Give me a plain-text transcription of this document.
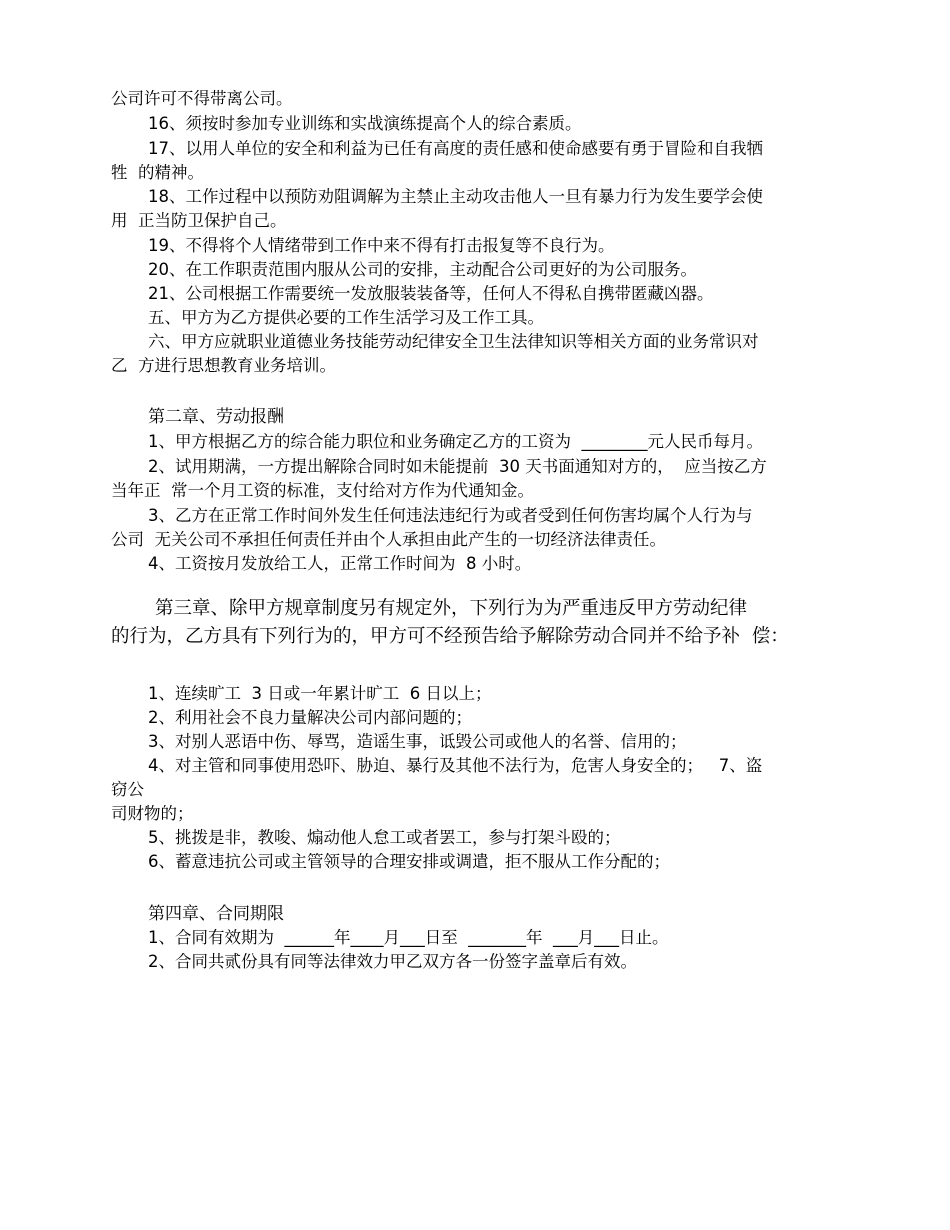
公司许可不得带离公司。

16、须按时参加专业训练和实战演练提高个人的综合素质。

17、以用人单位的安全和利益为已任有高度的责任感和使命感要有勇于冒险和自我牺

牲  的精神。

18、工作过程中以预防劝阻调解为主禁止主动攻击他人一旦有暴力行为发生要学会使

用  正当防卫保护自己。

19、不得将个人情绪带到工作中来不得有打击报复等不良行为。

20、在工作职责范围内服从公司的安排，主动配合公司更好的为公司服务。

21、公司根据工作需要统一发放服装装备等，任何人不得私自携带匿藏凶器。

五、甲方为乙方提供必要的工作生活学习及工作工具。

六、甲方应就职业道德业务技能劳动纪律安全卫生法律知识等相关方面的业务常识对

乙  方进行思想教育业务培训。

第二章、劳动报酬

1、甲方根据乙方的综合能力职位和业务确定乙方的工资为  ________元人民币每月。

2、试用期满，一方提出解除合同时如未能提前  30 天书面通知对方的，  应当按乙方

当年正  常一个月工资的标准，支付给对方作为代通知金。

3、乙方在正常工作时间外发生任何违法违纪行为或者受到任何伤害均属个人行为与

公司  无关公司不承担任何责任并由个人承担由此产生的一切经济法律责任。

4、工资按月发放给工人，正常工作时间为  8 小时。

第三章、除甲方规章制度另有规定外，下列行为为严重违反甲方劳动纪律

的行为，乙方具有下列行为的，甲方可不经预告给予解除劳动合同并不给予补  偿：

1、连续旷工  3 日或一年累计旷工  6 日以上；

2、利用社会不良力量解决公司内部问题的；

3、对别人恶语中伤、辱骂，造谣生事，诋毁公司或他人的名誉、信用的；

4、对主管和同事使用恐吓、胁迫、暴行及其他不法行为，危害人身安全的；   7、盗

窃公

司财物的；

5、挑拨是非，教唆、煽动他人怠工或者罢工，参与打架斗殴的；

6、蓄意违抗公司或主管领导的合理安排或调遣，拒不服从工作分配的；

第四章、合同期限

1、合同有效期为  ______年____月___日至  _______年  ___月___日止。

2、合同共贰份具有同等法律效力甲乙双方各一份签字盖章后有效。
